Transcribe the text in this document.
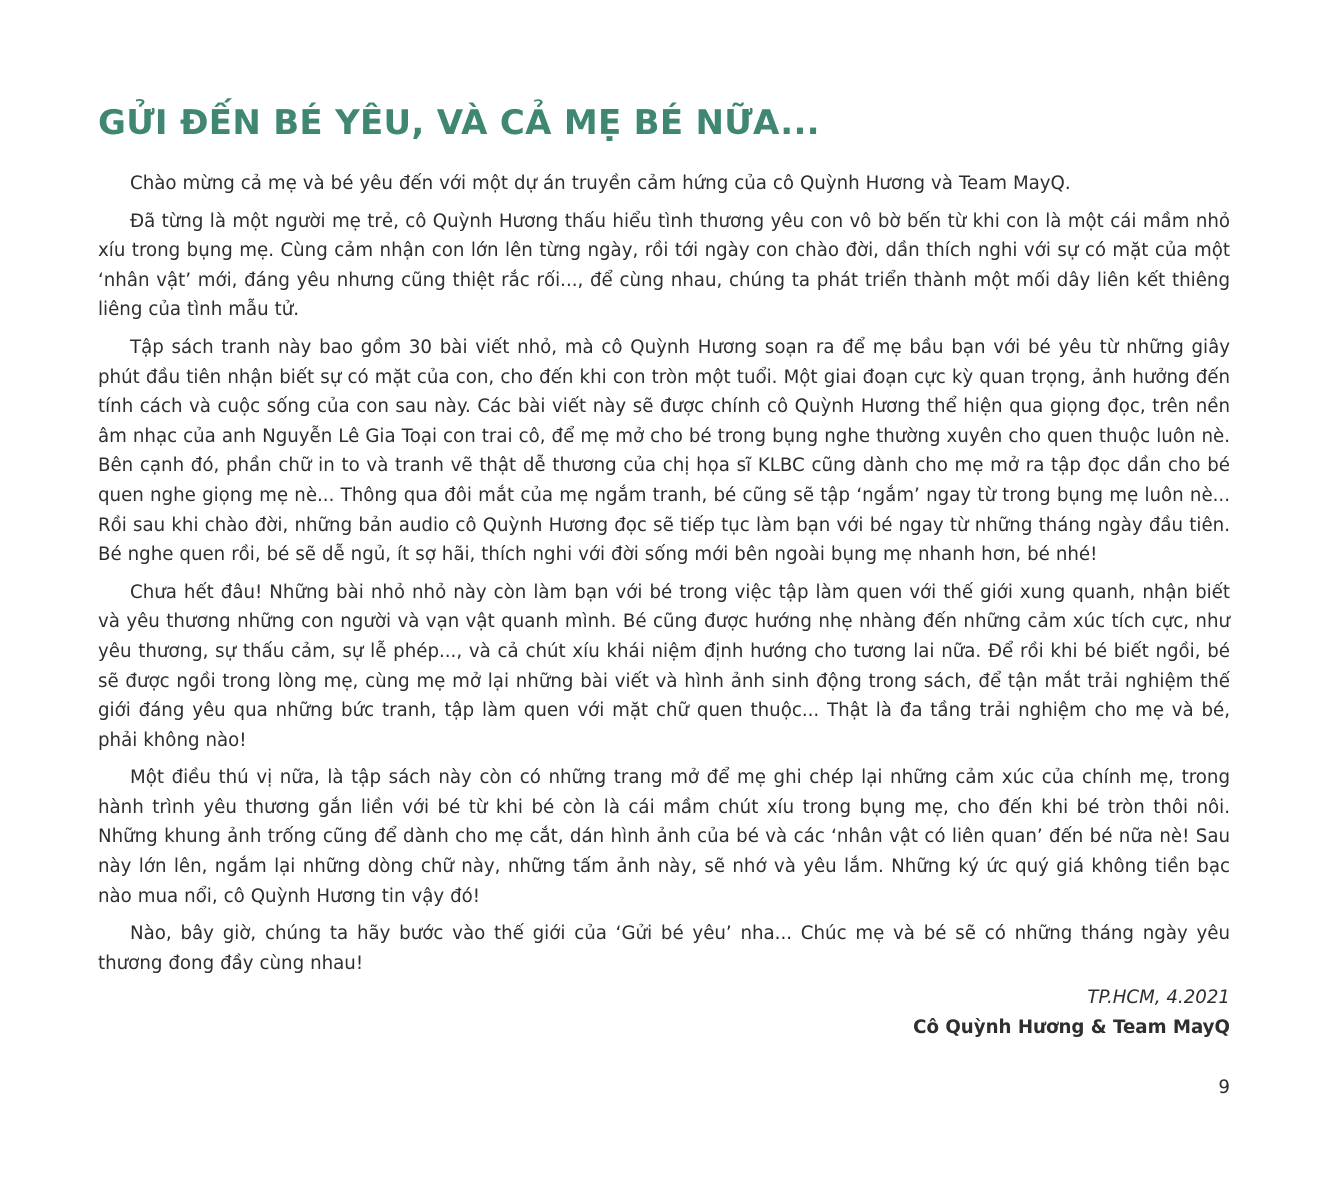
GỬI ĐẾN BÉ YÊU, VÀ CẢ MẸ BÉ NỮA...

Chào mừng cả mẹ và bé yêu đến với một dự án truyền cảm hứng của cô Quỳnh Hương và Team MayQ.

Đã từng là một người mẹ trẻ, cô Quỳnh Hương thấu hiểu tình thương yêu con vô bờ bến từ khi con là một cái mầm nhỏ xíu trong bụng mẹ. Cùng cảm nhận con lớn lên từng ngày, rồi tới ngày con chào đời, dần thích nghi với sự có mặt của một ‘nhân vật’ mới, đáng yêu nhưng cũng thiệt rắc rối..., để cùng nhau, chúng ta phát triển thành một mối dây liên kết thiêng liêng của tình mẫu tử.

Tập sách tranh này bao gồm 30 bài viết nhỏ, mà cô Quỳnh Hương soạn ra để mẹ bầu bạn với bé yêu từ những giây phút đầu tiên nhận biết sự có mặt của con, cho đến khi con tròn một tuổi. Một giai đoạn cực kỳ quan trọng, ảnh hưởng đến tính cách và cuộc sống của con sau này. Các bài viết này sẽ được chính cô Quỳnh Hương thể hiện qua giọng đọc, trên nền âm nhạc của anh Nguyễn Lê Gia Toại con trai cô, để mẹ mở cho bé trong bụng nghe thường xuyên cho quen thuộc luôn nè. Bên cạnh đó, phần chữ in to và tranh vẽ thật dễ thương của chị họa sĩ KLBC cũng dành cho mẹ mở ra tập đọc dần cho bé quen nghe giọng mẹ nè... Thông qua đôi mắt của mẹ ngắm tranh, bé cũng sẽ tập ‘ngắm’ ngay từ trong bụng mẹ luôn nè... Rồi sau khi chào đời, những bản audio cô Quỳnh Hương đọc sẽ tiếp tục làm bạn với bé ngay từ những tháng ngày đầu tiên. Bé nghe quen rồi, bé sẽ dễ ngủ, ít sợ hãi, thích nghi với đời sống mới bên ngoài bụng mẹ nhanh hơn, bé nhé!

Chưa hết đâu! Những bài nhỏ nhỏ này còn làm bạn với bé trong việc tập làm quen với thế giới xung quanh, nhận biết và yêu thương những con người và vạn vật quanh mình. Bé cũng được hướng nhẹ nhàng đến những cảm xúc tích cực, như yêu thương, sự thấu cảm, sự lễ phép..., và cả chút xíu khái niệm định hướng cho tương lai nữa. Để rồi khi bé biết ngồi, bé sẽ được ngồi trong lòng mẹ, cùng mẹ mở lại những bài viết và hình ảnh sinh động trong sách, để tận mắt trải nghiệm thế giới đáng yêu qua những bức tranh, tập làm quen với mặt chữ quen thuộc... Thật là đa tầng trải nghiệm cho mẹ và bé, phải không nào!

Một điều thú vị nữa, là tập sách này còn có những trang mở để mẹ ghi chép lại những cảm xúc của chính mẹ, trong hành trình yêu thương gắn liền với bé từ khi bé còn là cái mầm chút xíu trong bụng mẹ, cho đến khi bé tròn thôi nôi. Những khung ảnh trống cũng để dành cho mẹ cắt, dán hình ảnh của bé và các ‘nhân vật có liên quan’ đến bé nữa nè! Sau này lớn lên, ngắm lại những dòng chữ này, những tấm ảnh này, sẽ nhớ và yêu lắm. Những ký ức quý giá không tiền bạc nào mua nổi, cô Quỳnh Hương tin vậy đó!

Nào, bây giờ, chúng ta hãy bước vào thế giới của ‘Gửi bé yêu’ nha... Chúc mẹ và bé sẽ có những tháng ngày yêu thương đong đầy cùng nhau!

TP.HCM, 4.2021
Cô Quỳnh Hương & Team MayQ
9
